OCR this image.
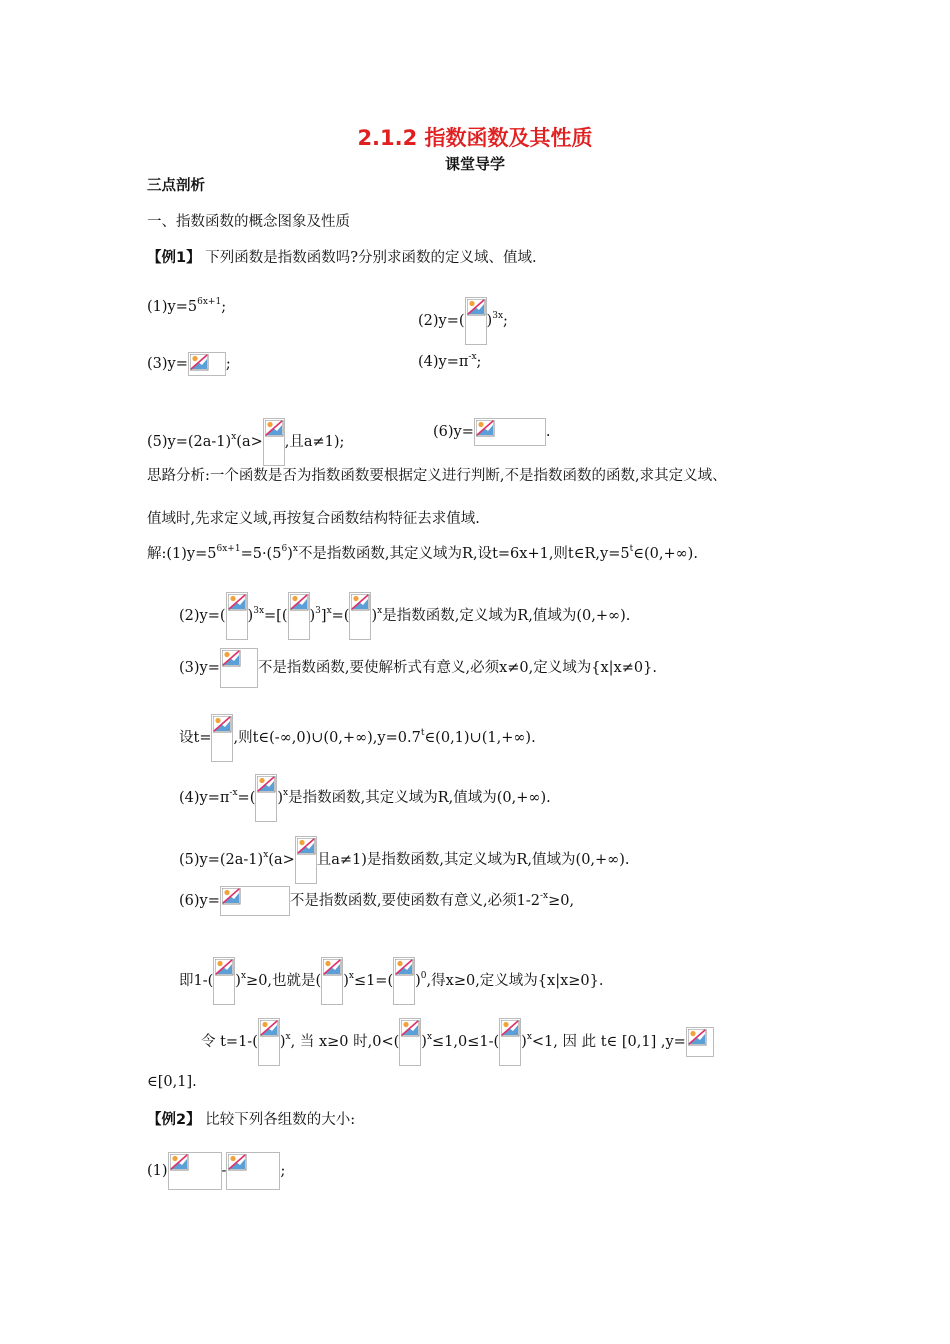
2.1.2 指数函数及其性质
课堂导学
三点剖析
一、指数函数的概念图象及性质
【例1】 下列函数是指数函数吗?分别求函数的定义域、值域.
$(1)y=5^{6x+1}$;
(2)y=( )$^{3x}$;
(3)y=	;	$(4)y=\pi^{-x}$;
$(5)y=(2a-1)^x(a>$ ,且a≠1);
(6)y=	.
思路分析:一个函数是否为指数函数要根据定义进行判断,不是指数函数的函数,求其定义域、
值域时,先求定义域,再按复合函数结构特征去求值域.
解$:(1)y=5^{6x+1}=5\cdot(5^6)^x$不是指数函数,其定义域为R,设t=6x+1,则$t\in R,y=5^t\in(0,+\infty)$.
(2)y=( )$^{3x}$=[( )$^3$]$^x$=( )$^x$是指数函数,定义域为R,值域为(0,+∞).
(3)y=	不是指数函数,要使解析式有意义,必须x≠0,定义域为{x|x≠0}.
设t= ,则$t\in(-\infty,0)\cup(0,+\infty),y=0.7^t\in(0,1)\cup(1,+\infty)$.
$(4)y=\pi^{-x}=$( )$^x$是指数函数,其定义域为R,值域为(0,+∞).
$(5)y=(2a-1)^x(a>$ 且a≠1)是指数函数,其定义域为R,值域为(0,+∞).
(6)y=	不是指数函数,要使函数有意义,必须$1-2^{-x}\ge 0$,
即1-( )$^x$≥0,也就是( )$^x$≤1=( )$^0$,得x≥0,定义域为{x|x≥0}.
令 t=1-( )$^x$, 当 x≥0 时,0<( )$^x$≤1,0≤1-( )$^x$<1, 因 此 t∈ [0,1] ,y=
∈[0,1].
【例2】 比较下列各组数的大小:
(1)	-	;
